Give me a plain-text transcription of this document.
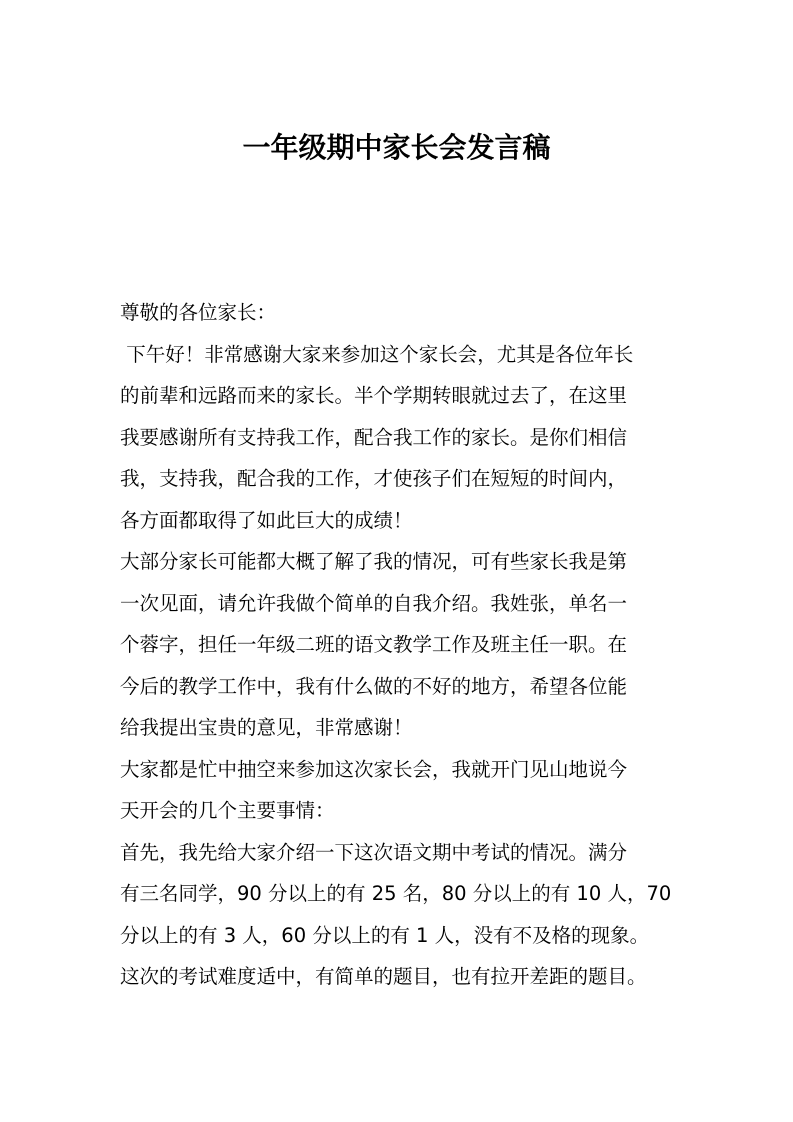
一年级期中家长会发言稿
尊敬的各位家长：
下午好！非常感谢大家来参加这个家长会，尤其是各位年长
的前辈和远路而来的家长。半个学期转眼就过去了，在这里
我要感谢所有支持我工作，配合我工作的家长。是你们相信
我，支持我，配合我的工作，才使孩子们在短短的时间内，
各方面都取得了如此巨大的成绩！
大部分家长可能都大概了解了我的情况，可有些家长我是第
一次见面，请允许我做个简单的自我介绍。我姓张，单名一
个蓉字，担任一年级二班的语文教学工作及班主任一职。在
今后的教学工作中，我有什么做的不好的地方，希望各位能
给我提出宝贵的意见，非常感谢！
大家都是忙中抽空来参加这次家长会，我就开门见山地说今
天开会的几个主要事情：
首先，我先给大家介绍一下这次语文期中考试的情况。满分
有三名同学，90 分以上的有 25 名，80 分以上的有 10 人，70
分以上的有 3 人，60 分以上的有 1 人，没有不及格的现象。
这次的考试难度适中，有简单的题目，也有拉开差距的题目。
